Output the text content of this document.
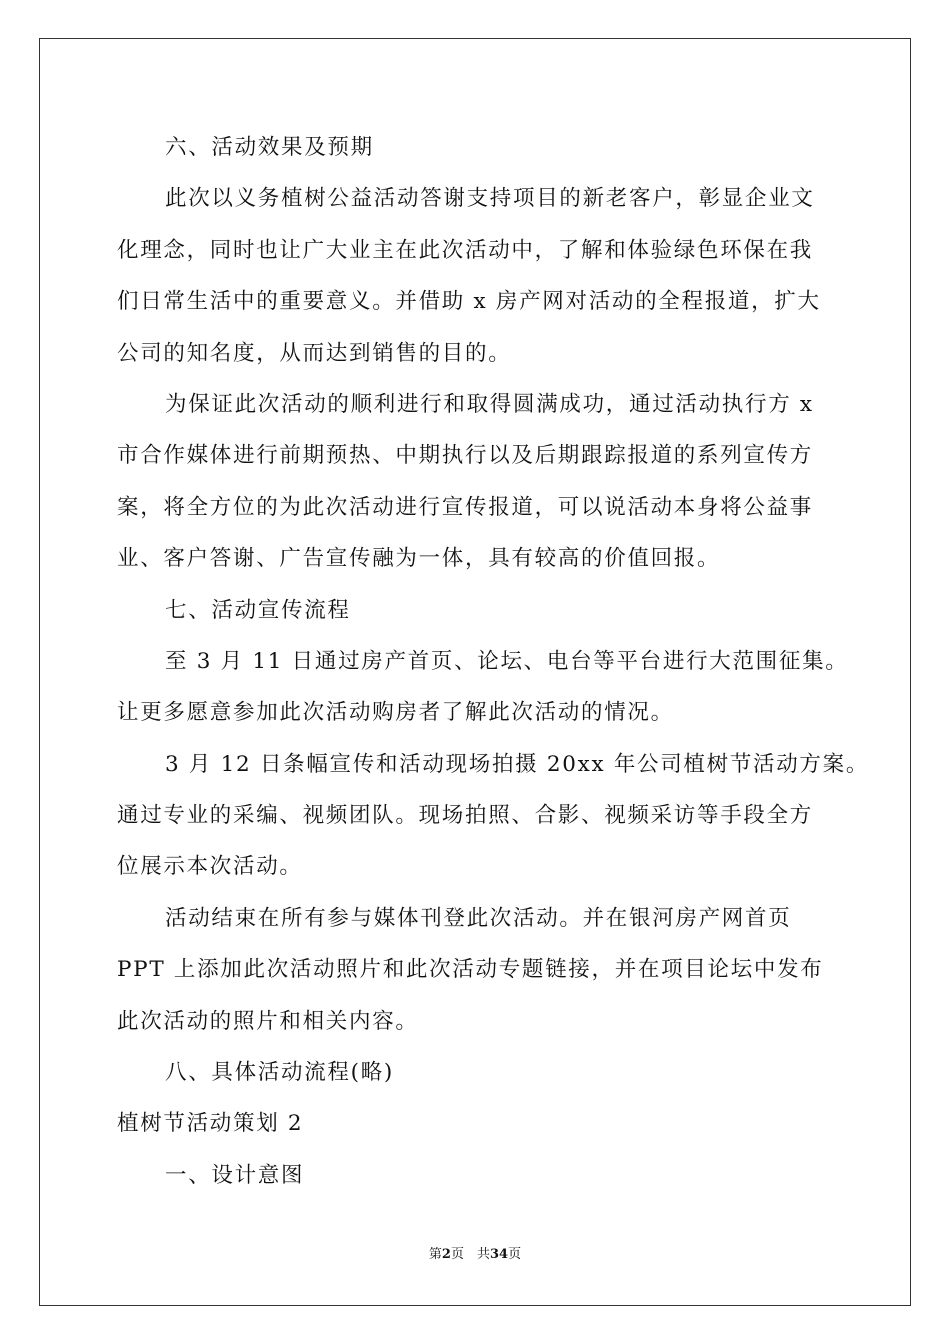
六、活动效果及预期
此次以义务植树公益活动答谢支持项目的新老客户，彰显企业文
化理念，同时也让广大业主在此次活动中，了解和体验绿色环保在我
们日常生活中的重要意义。并借助 x 房产网对活动的全程报道，扩大
公司的知名度，从而达到销售的目的。
为保证此次活动的顺利进行和取得圆满成功，通过活动执行方 x
市合作媒体进行前期预热、中期执行以及后期跟踪报道的系列宣传方
案，将全方位的为此次活动进行宣传报道，可以说活动本身将公益事
业、客户答谢、广告宣传融为一体，具有较高的价值回报。
七、活动宣传流程
至 3 月 11 日通过房产首页、论坛、电台等平台进行大范围征集。
让更多愿意参加此次活动购房者了解此次活动的情况。
3 月 12 日条幅宣传和活动现场拍摄 20xx 年公司植树节活动方案。
通过专业的采编、视频团队。现场拍照、合影、视频采访等手段全方
位展示本次活动。
活动结束在所有参与媒体刊登此次活动。并在银河房产网首页
PPT 上添加此次活动照片和此次活动专题链接，并在项目论坛中发布
此次活动的照片和相关内容。
八、具体活动流程(略)
植树节活动策划 2
一、设计意图
第2页　共34页
